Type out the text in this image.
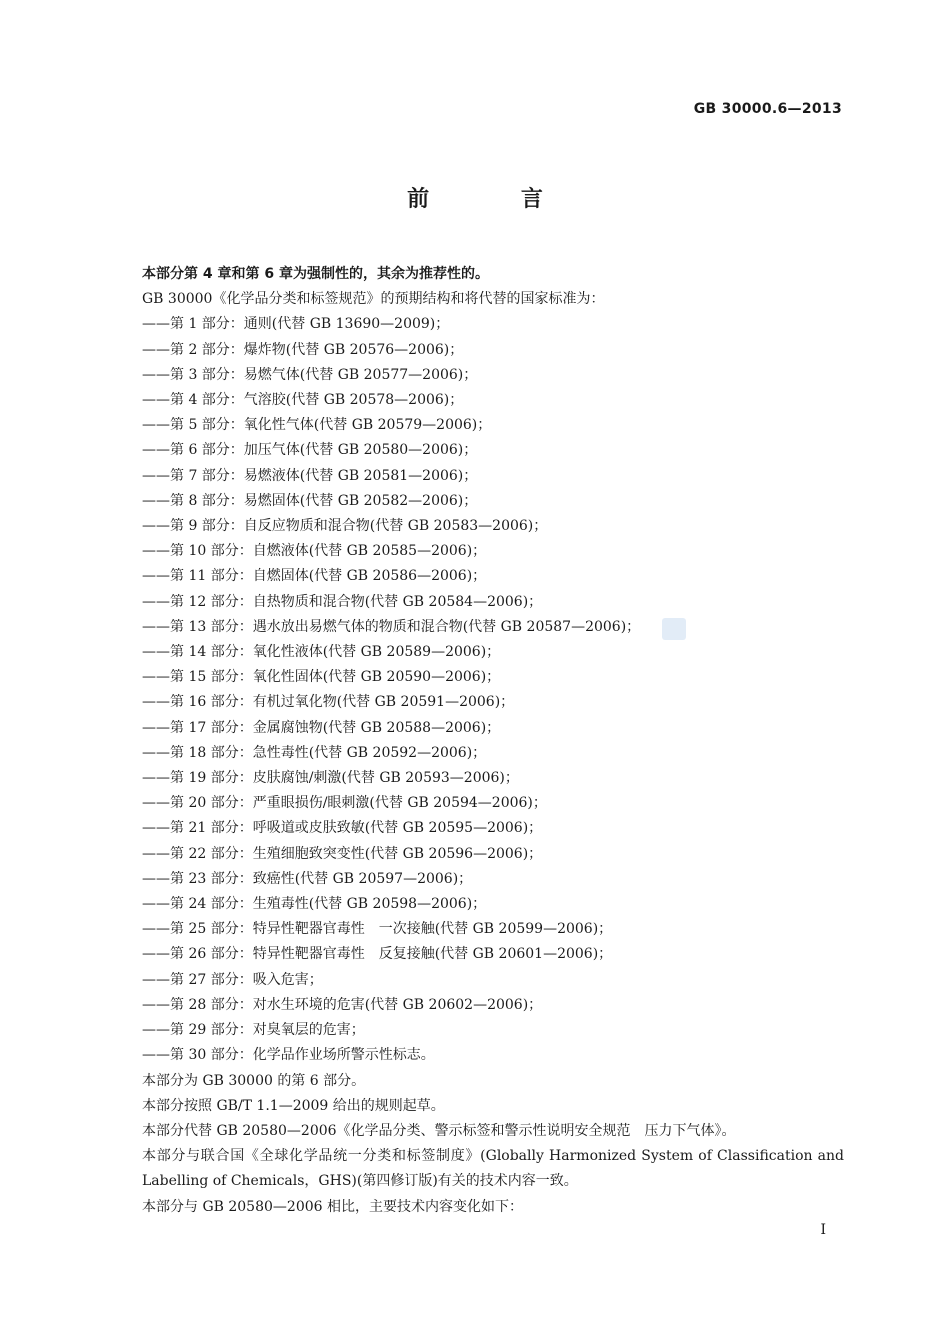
GB 30000.6—2013
前 言

本部分第 4 章和第 6 章为强制性的，其余为推荐性的。

GB 30000《化学品分类和标签规范》的预期结构和将代替的国家标准为：

——第 1 部分：通则(代替 GB 13690—2009)；

——第 2 部分：爆炸物(代替 GB 20576—2006)；

——第 3 部分：易燃气体(代替 GB 20577—2006)；

——第 4 部分：气溶胶(代替 GB 20578—2006)；

——第 5 部分：氧化性气体(代替 GB 20579—2006)；

——第 6 部分：加压气体(代替 GB 20580—2006)；

——第 7 部分：易燃液体(代替 GB 20581—2006)；

——第 8 部分：易燃固体(代替 GB 20582—2006)；

——第 9 部分：自反应物质和混合物(代替 GB 20583—2006)；

——第 10 部分：自燃液体(代替 GB 20585—2006)；

——第 11 部分：自燃固体(代替 GB 20586—2006)；

——第 12 部分：自热物质和混合物(代替 GB 20584—2006)；

——第 13 部分：遇水放出易燃气体的物质和混合物(代替 GB 20587—2006)；

——第 14 部分：氧化性液体(代替 GB 20589—2006)；

——第 15 部分：氧化性固体(代替 GB 20590—2006)；

——第 16 部分：有机过氧化物(代替 GB 20591—2006)；

——第 17 部分：金属腐蚀物(代替 GB 20588—2006)；

——第 18 部分：急性毒性(代替 GB 20592—2006)；

——第 19 部分：皮肤腐蚀/刺激(代替 GB 20593—2006)；

——第 20 部分：严重眼损伤/眼刺激(代替 GB 20594—2006)；

——第 21 部分：呼吸道或皮肤致敏(代替 GB 20595—2006)；

——第 22 部分：生殖细胞致突变性(代替 GB 20596—2006)；

——第 23 部分：致癌性(代替 GB 20597—2006)；

——第 24 部分：生殖毒性(代替 GB 20598—2006)；

——第 25 部分：特异性靶器官毒性　一次接触(代替 GB 20599—2006)；

——第 26 部分：特异性靶器官毒性　反复接触(代替 GB 20601—2006)；

——第 27 部分：吸入危害；

——第 28 部分：对水生环境的危害(代替 GB 20602—2006)；

——第 29 部分：对臭氧层的危害；

——第 30 部分：化学品作业场所警示性标志。

本部分为 GB 30000 的第 6 部分。

本部分按照 GB/T 1.1—2009 给出的规则起草。

本部分代替 GB 20580—2006《化学品分类、警示标签和警示性说明安全规范　压力下气体》。

本部分与联合国《全球化学品统一分类和标签制度》(Globally Harmonized System of Classification and Labelling of Chemicals，GHS)(第四修订版)有关的技术内容一致。

本部分与 GB 20580—2006 相比，主要技术内容变化如下：

I
